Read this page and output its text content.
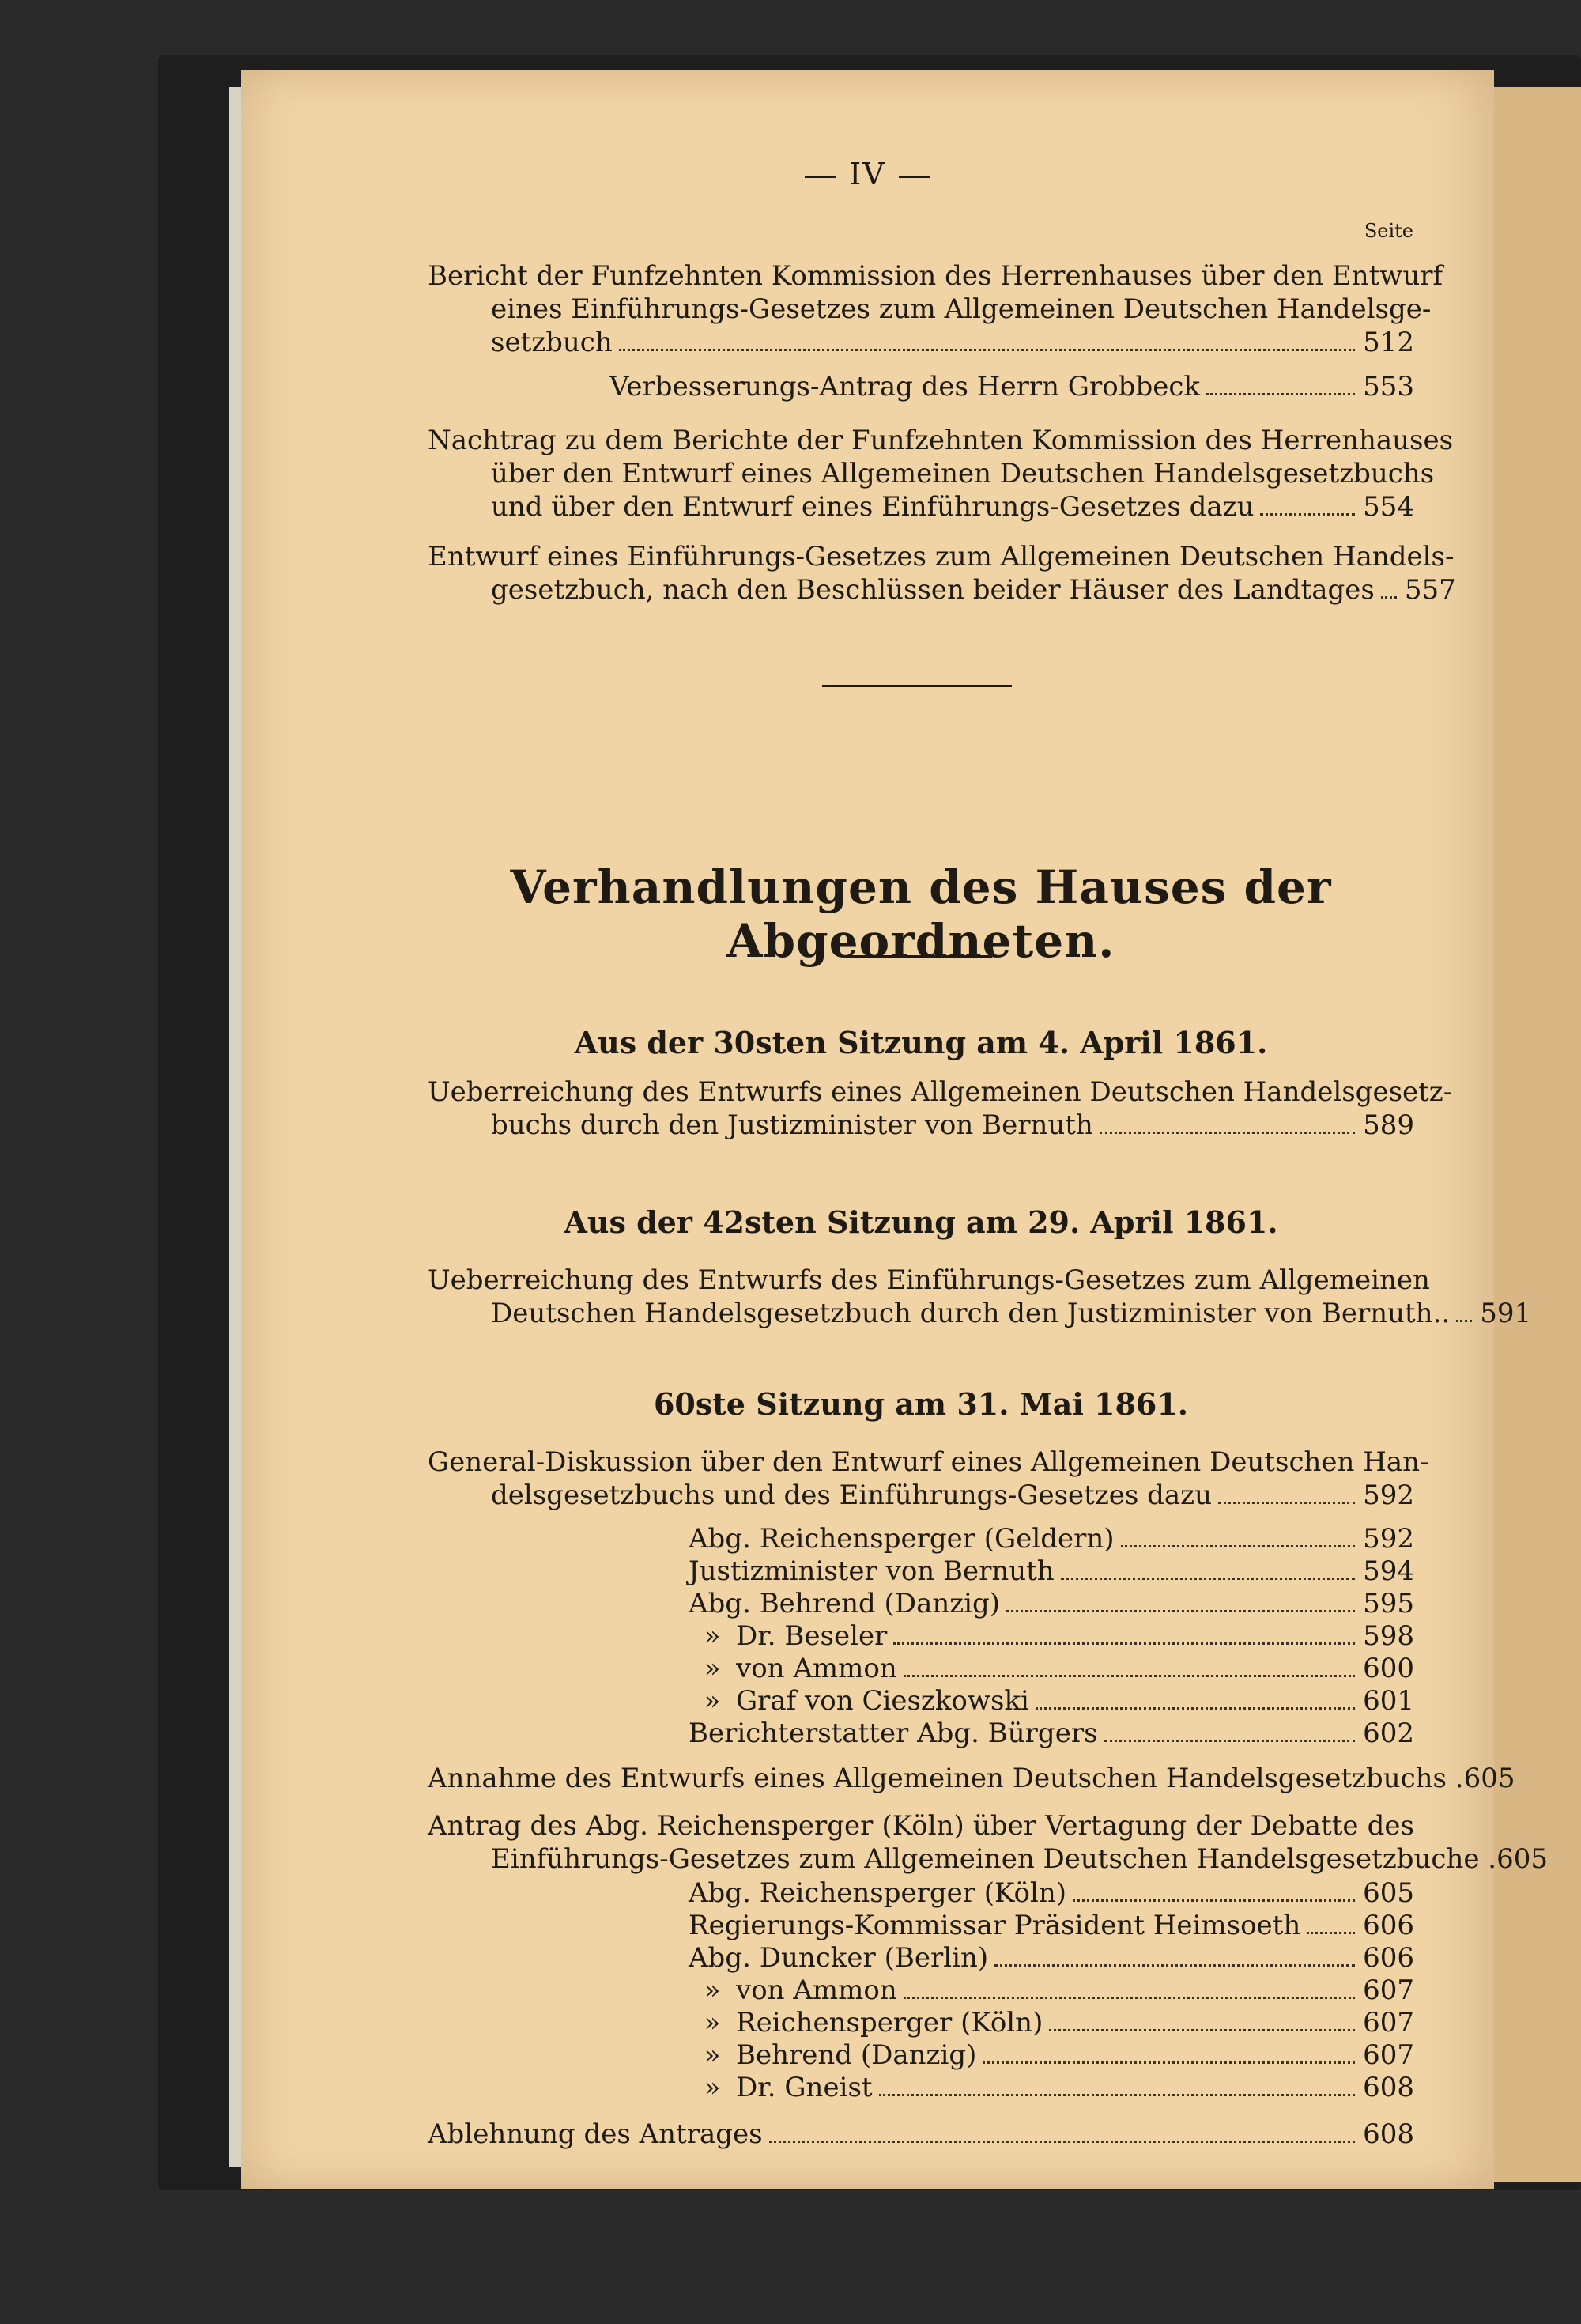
IV
Seite
Bericht der Funfzehnten Kommission des Herrenhauses über den Entwurf
eines Einführungs-Gesetzes zum Allgemeinen Deutschen Handelsge-
setzbuch	512
Verbesserungs-Antrag des Herrn Grobbeck	553
Nachtrag zu dem Berichte der Funfzehnten Kommission des Herrenhauses
über den Entwurf eines Allgemeinen Deutschen Handelsgesetzbuchs
und über den Entwurf eines Einführungs-Gesetzes dazu	554
Entwurf eines Einführungs-Gesetzes zum Allgemeinen Deutschen Handels-
gesetzbuch, nach den Beschlüssen beider Häuser des Landtages 557
Verhandlungen des Hauses der Abgeordneten.
Aus der 30sten Sitzung am 4. April 1861.
Ueberreichung des Entwurfs eines Allgemeinen Deutschen Handelsgesetz-
buchs durch den Justizminister von Bernuth	589
Aus der 42sten Sitzung am 29. April 1861.
Ueberreichung des Entwurfs des Einführungs-Gesetzes zum Allgemeinen
Deutschen Handelsgesetzbuch durch den Justizminister von Bernuth.. 591
60ste Sitzung am 31. Mai 1861.
General-Diskussion über den Entwurf eines Allgemeinen Deutschen Han-
delsgesetzbuchs und des Einführungs-Gesetzes dazu	592
Abg. Reichensperger (Geldern)	592
Justizminister von Bernuth	594
Abg. Behrend (Danzig)	595
» Dr. Beseler	598
» von Ammon	600
» Graf von Cieszkowski	601
Berichterstatter Abg. Bürgers	602
Annahme des Entwurfs eines Allgemeinen Deutschen Handelsgesetzbuchs . 605
Antrag des Abg. Reichensperger (Köln) über Vertagung der Debatte des
Einführungs-Gesetzes zum Allgemeinen Deutschen Handelsgesetzbuche . 605
Abg. Reichensperger (Köln)	605
Regierungs-Kommissar Präsident Heimsoeth 606
Abg. Duncker (Berlin)	606
» von Ammon	607
» Reichensperger (Köln)	607
» Behrend (Danzig)	607
» Dr. Gneist	608
Ablehnung des Antrages	608
